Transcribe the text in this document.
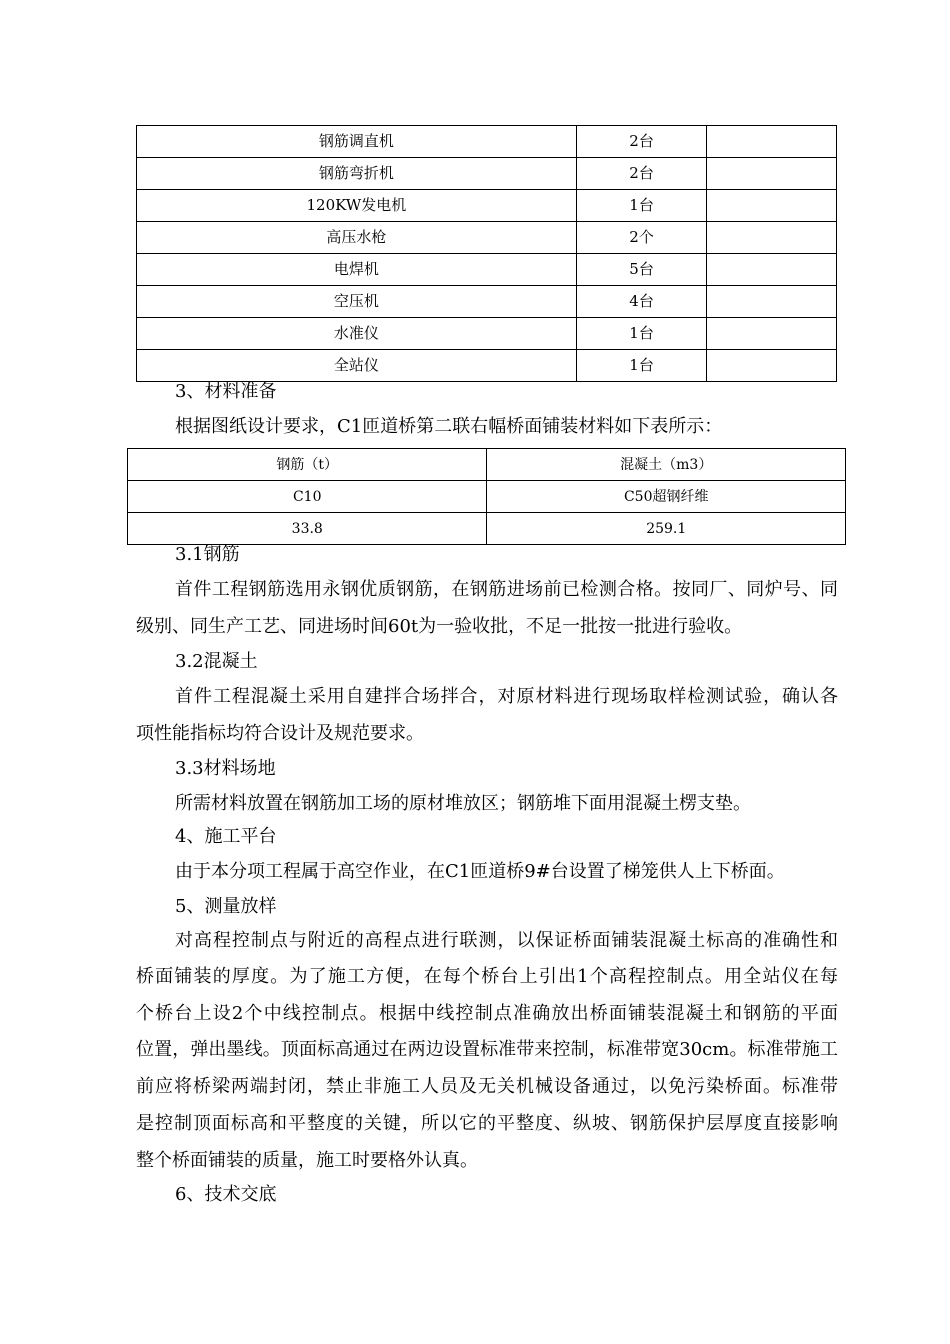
钢筋调直机	2台	
钢筋弯折机	2台	
120KW发电机	1台	
高压水枪	2个	
电焊机	5台	
空压机	4台	
水准仪	1台	
全站仪	1台	
3、材料准备
根据图纸设计要求，C1匝道桥第二联右幅桥面铺装材料如下表所示：
钢筋（t）	混凝土（m3）
C10	C50超钢纤维
33.8	259.1
3.1钢筋
首件工程钢筋选用永钢优质钢筋，在钢筋进场前已检测合格。按同厂、同炉号、同
级别、同生产工艺、同进场时间60t为一验收批，不足一批按一批进行验收。
3.2混凝土
首件工程混凝土采用自建拌合场拌合，对原材料进行现场取样检测试验，确认各
项性能指标均符合设计及规范要求。
3.3材料场地
所需材料放置在钢筋加工场的原材堆放区；钢筋堆下面用混凝土楞支垫。
4、施工平台
由于本分项工程属于高空作业，在C1匝道桥9#台设置了梯笼供人上下桥面。
5、测量放样
对高程控制点与附近的高程点进行联测，以保证桥面铺装混凝土标高的准确性和
桥面铺装的厚度。为了施工方便，在每个桥台上引出1个高程控制点。用全站仪在每
个桥台上设2个中线控制点。根据中线控制点准确放出桥面铺装混凝土和钢筋的平面
位置，弹出墨线。顶面标高通过在两边设置标准带来控制，标准带宽30cm。标准带施工
前应将桥梁两端封闭，禁止非施工人员及无关机械设备通过，以免污染桥面。标准带
是控制顶面标高和平整度的关键，所以它的平整度、纵坡、钢筋保护层厚度直接影响
整个桥面铺装的质量，施工时要格外认真。
6、技术交底
